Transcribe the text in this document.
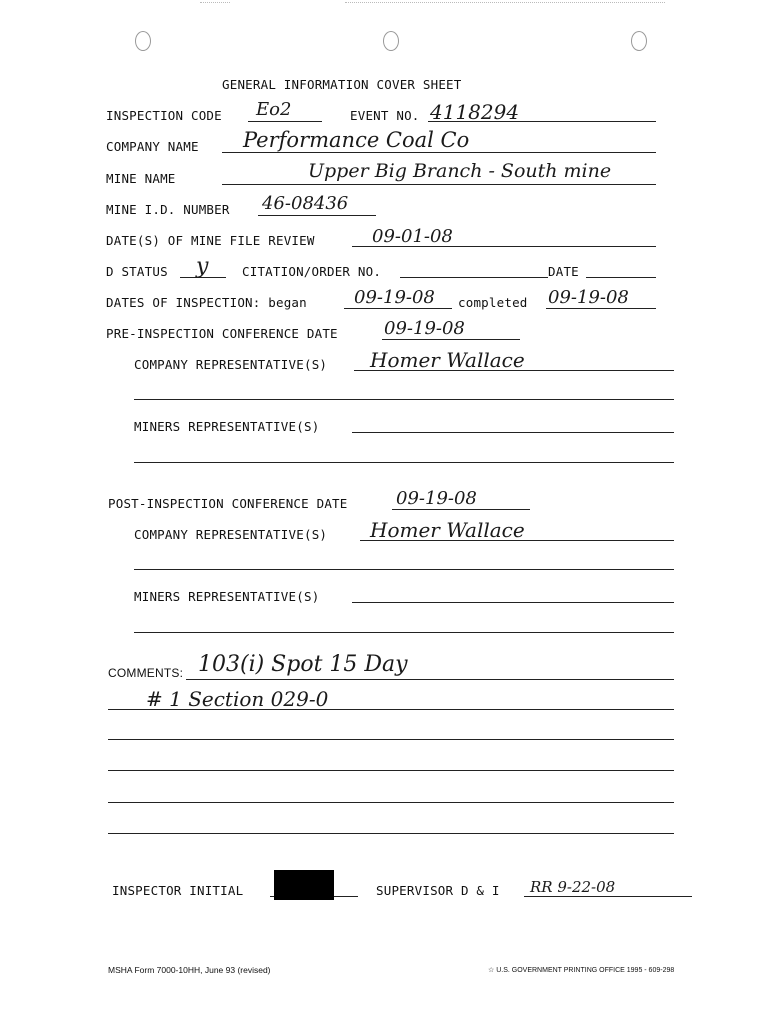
GENERAL INFORMATION COVER SHEET
INSPECTION CODE Eo2	EVENT NO. 4118294
COMPANY NAME Performance Coal Co
MINE NAME	Upper Big Branch - South mine
MINE I.D. NUMBER 46-08436
DATE(S) OF MINE FILE REVIEW	09-01-08
D STATUS y	CITATION/ORDER NO.	DATE
DATES OF INSPECTION: began	09-19-08 completed 09-19-08
PRE-INSPECTION CONFERENCE DATE	09-19-08
COMPANY REPRESENTATIVE(S) Homer Wallace
MINERS REPRESENTATIVE(S)
POST-INSPECTION CONFERENCE DATE	09-19-08
COMPANY REPRESENTATIVE(S) Homer Wallace
MINERS REPRESENTATIVE(S)
COMMENTS: 103(i) Spot 15 Day
# 1 Section 029-0
INSPECTOR INITIAL	SUPERVISOR D & I RR 9-22-08
MSHA Form 7000-10HH, June 93 (revised)	☆ U.S. GOVERNMENT PRINTING OFFICE 1995 - 609-298
